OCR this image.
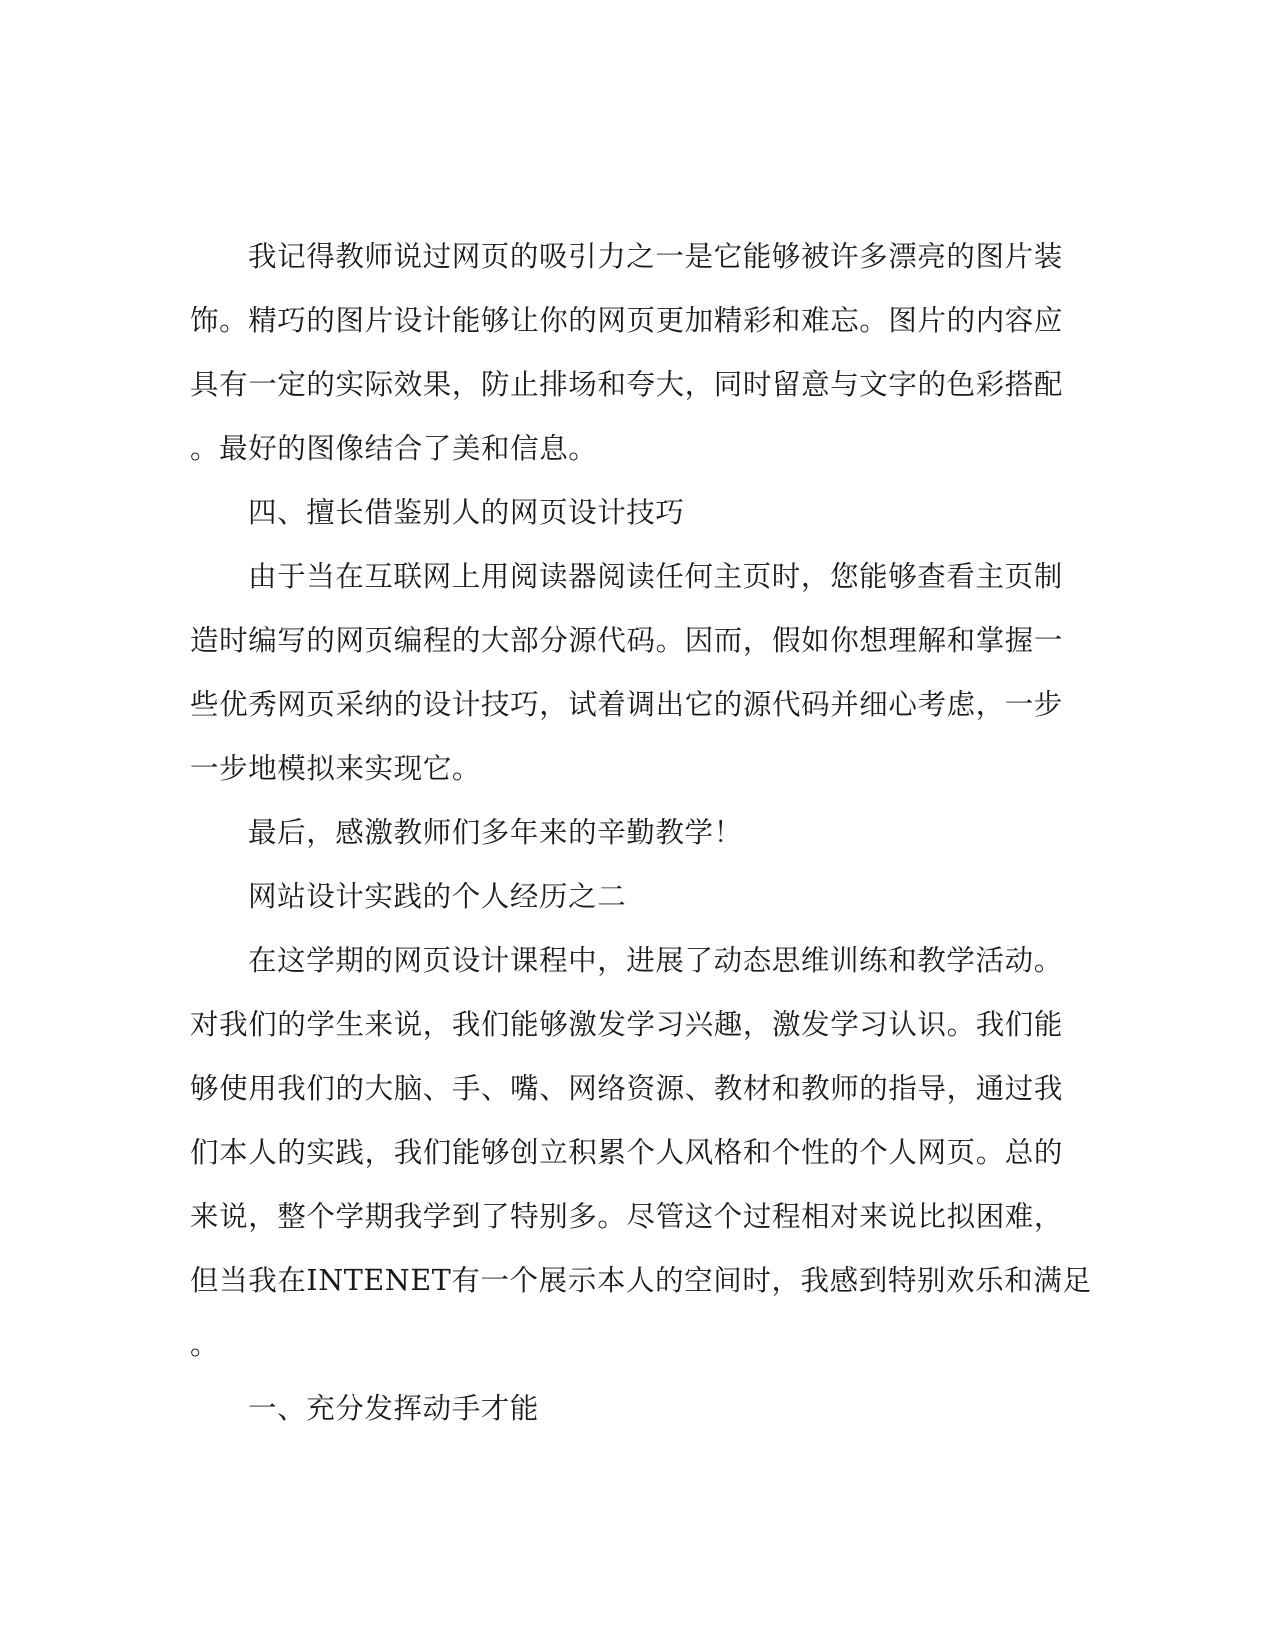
我记得教师说过网页的吸引力之一是它能够被许多漂亮的图片装
饰。精巧的图片设计能够让你的网页更加精彩和难忘。图片的内容应
具有一定的实际效果，防止排场和夸大，同时留意与文字的色彩搭配
。最好的图像结合了美和信息。
四、擅长借鉴别人的网页设计技巧
由于当在互联网上用阅读器阅读任何主页时，您能够查看主页制
造时编写的网页编程的大部分源代码。因而，假如你想理解和掌握一
些优秀网页采纳的设计技巧，试着调出它的源代码并细心考虑，一步
一步地模拟来实现它。
最后，感激教师们多年来的辛勤教学！
网站设计实践的个人经历之二
在这学期的网页设计课程中，进展了动态思维训练和教学活动。
对我们的学生来说，我们能够激发学习兴趣，激发学习认识。我们能
够使用我们的大脑、手、嘴、网络资源、教材和教师的指导，通过我
们本人的实践，我们能够创立积累个人风格和个性的个人网页。总的
来说，整个学期我学到了特别多。尽管这个过程相对来说比拟困难，
但当我在INTENET有一个展示本人的空间时，我感到特别欢乐和满足
。
一、充分发挥动手才能
